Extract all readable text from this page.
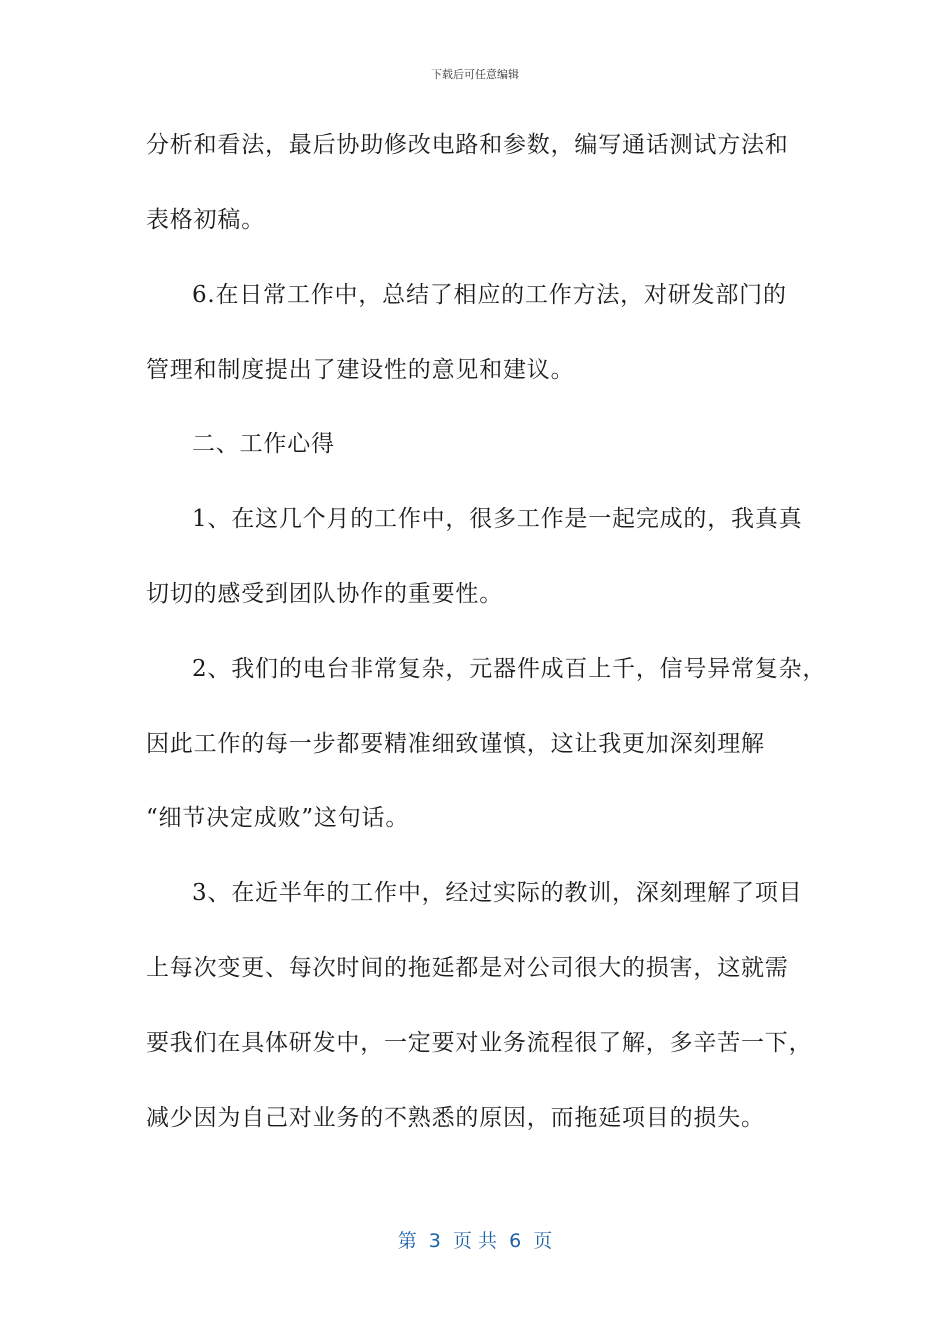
下载后可任意编辑
分析和看法，最后协助修改电路和参数，编写通话测试方法和
表格初稿。
6.在日常工作中，总结了相应的工作方法，对研发部门的
管理和制度提出了建设性的意见和建议。
二、工作心得
1、在这几个月的工作中，很多工作是一起完成的，我真真
切切的感受到团队协作的重要性。
2、我们的电台非常复杂，元器件成百上千，信号异常复杂，
因此工作的每一步都要精准细致谨慎，这让我更加深刻理解
“细节决定成败”这句话。
3、在近半年的工作中，经过实际的教训，深刻理解了项目
上每次变更、每次时间的拖延都是对公司很大的损害，这就需
要我们在具体研发中，一定要对业务流程很了解，多辛苦一下，
减少因为自己对业务的不熟悉的原因，而拖延项目的损失。
第  3  页 共  6  页
